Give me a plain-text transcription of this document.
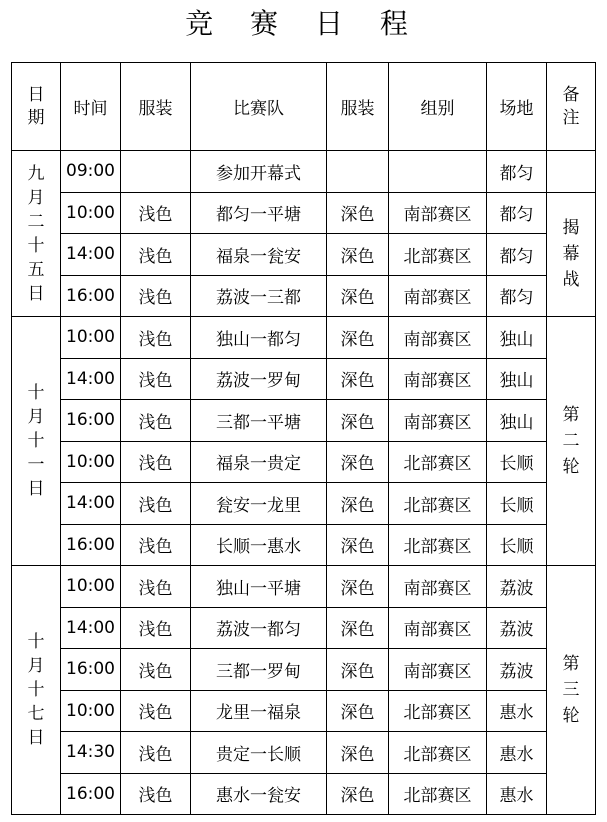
竞 赛 日 程
日期	时间	服装	比赛队	服装	组别	场地	备注
九月二十五日	09:00		参加开幕式			都匀	
	10:00	浅色	都匀一平塘	深色	南部赛区	都匀	揭幕战
	14:00	浅色	福泉一瓮安	深色	北部赛区	都匀	
	16:00	浅色	荔波一三都	深色	南部赛区	都匀	
十月十一日	10:00	浅色	独山一都匀	深色	南部赛区	独山	第二轮
	14:00	浅色	荔波一罗甸	深色	南部赛区	独山	
	16:00	浅色	三都一平塘	深色	南部赛区	独山	
	10:00	浅色	福泉一贵定	深色	北部赛区	长顺	
	14:00	浅色	瓮安一龙里	深色	北部赛区	长顺	
	16:00	浅色	长顺一惠水	深色	北部赛区	长顺	
十月十七日	10:00	浅色	独山一平塘	深色	南部赛区	荔波	第三轮
	14:00	浅色	荔波一都匀	深色	南部赛区	荔波	
	16:00	浅色	三都一罗甸	深色	南部赛区	荔波	
	10:00	浅色	龙里一福泉	深色	北部赛区	惠水	
	14:30	浅色	贵定一长顺	深色	北部赛区	惠水	
	16:00	浅色	惠水一瓮安	深色	北部赛区	惠水	
